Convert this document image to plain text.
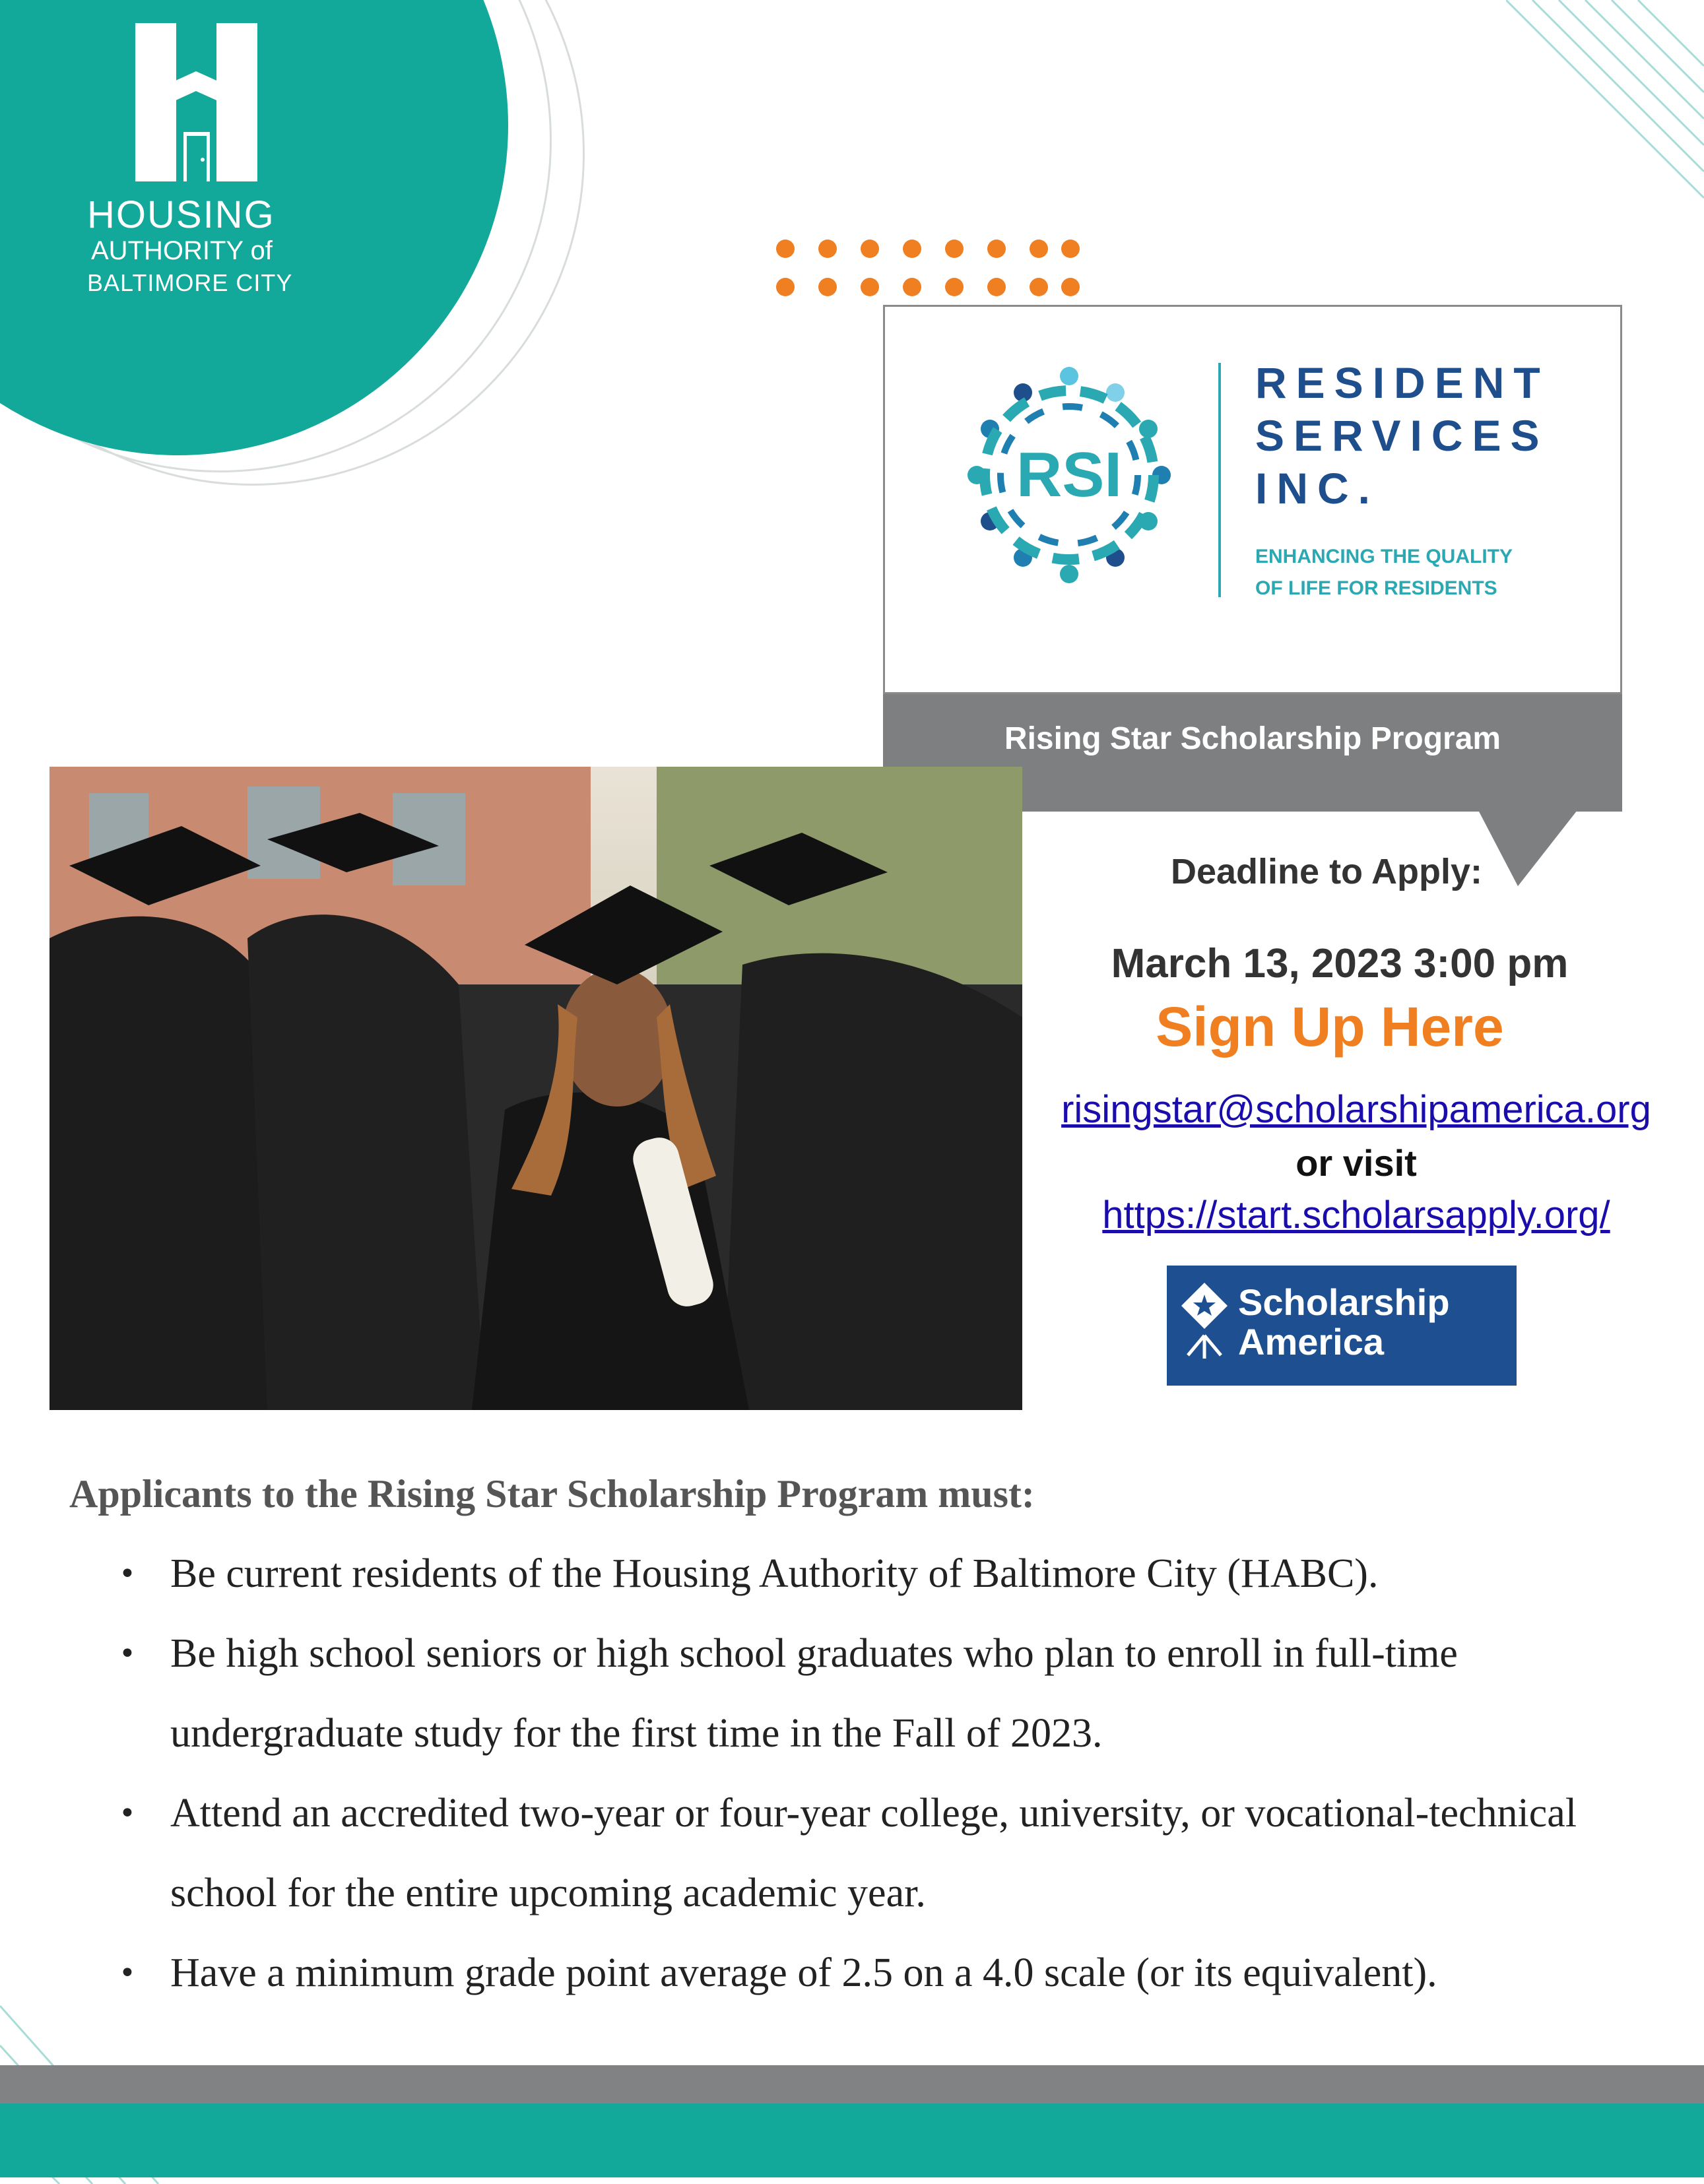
HOUSING
AUTHORITY of
BALTIMORE CITY
RSI
RESIDENT
SERVICES
INC.
ENHANCING THE QUALITY
OF LIFE FOR RESIDENTS
Rising Star Scholarship Program
Deadline to Apply:
March 13, 2023 3:00 pm
Sign Up Here
risingstar@scholarshipamerica.org
or visit
https://start.scholarsapply.org/
Scholarship
America
Applicants to the Rising Star Scholarship Program must:
• Be current residents of the Housing Authority of Baltimore City (HABC).
• Be high school seniors or high school graduates who plan to enroll in full-time undergraduate study for the first time in the Fall of 2023.
• Attend an accredited two-year or four-year college, university, or vocational-technical school for the entire upcoming academic year.
• Have a minimum grade point average of 2.5 on a 4.0 scale (or its equivalent).
